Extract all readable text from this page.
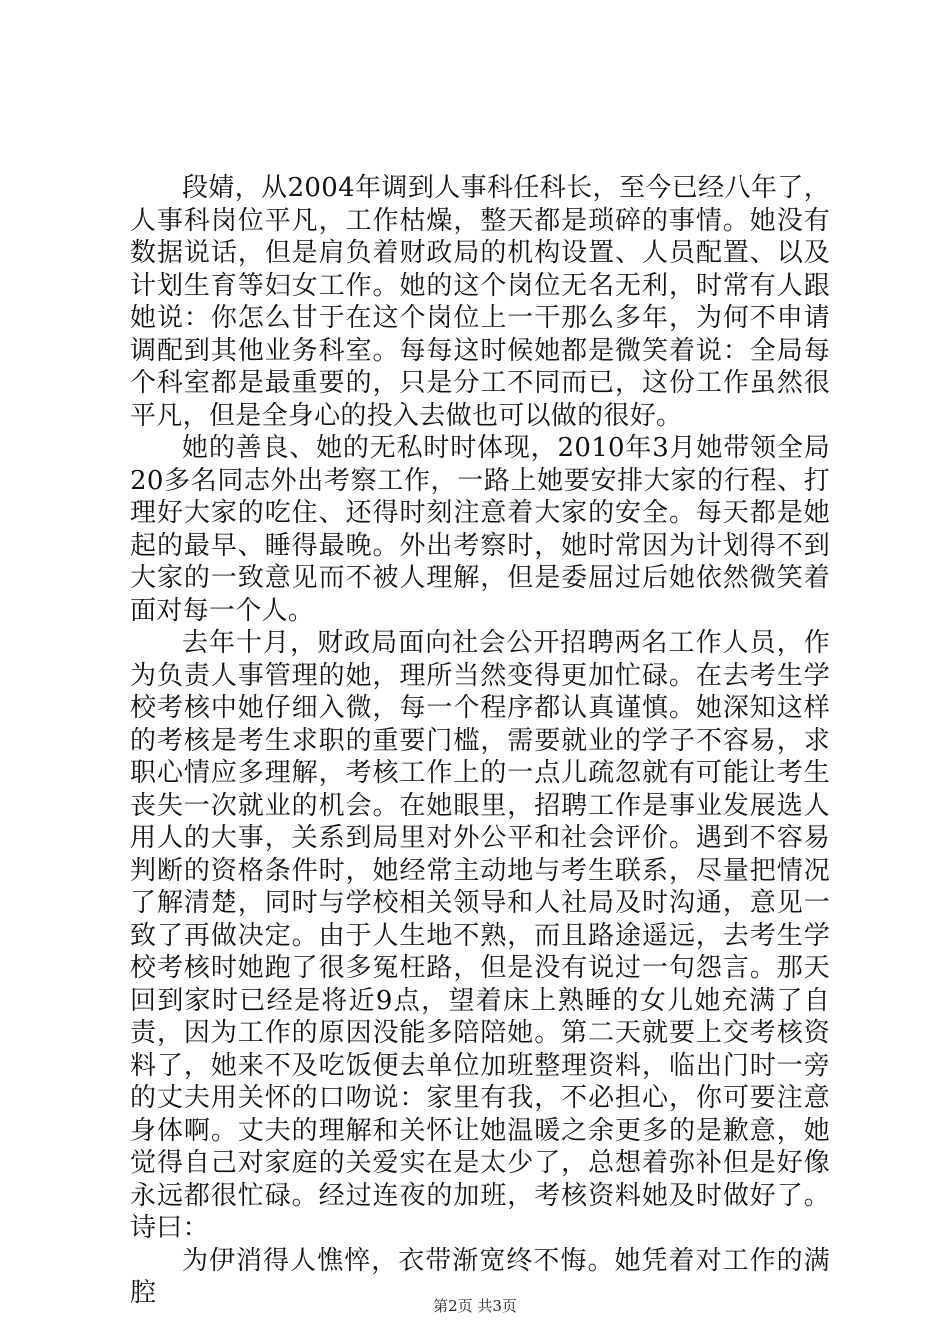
段婧，从2004年调到人事科任科长，至今已经八年了，人事科岗位平凡，工作枯燥，整天都是琐碎的事情。她没有数据说话，但是肩负着财政局的机构设置、人员配置、以及计划生育等妇女工作。她的这个岗位无名无利，时常有人跟她说：你怎么甘于在这个岗位上一干那么多年，为何不申请调配到其他业务科室。每每这时候她都是微笑着说：全局每个科室都是最重要的，只是分工不同而已，这份工作虽然很平凡，但是全身心的投入去做也可以做的很好。

她的善良、她的无私时时体现，2010年3月她带领全局20多名同志外出考察工作，一路上她要安排大家的行程、打理好大家的吃住、还得时刻注意着大家的安全。每天都是她起的最早、睡得最晚。外出考察时，她时常因为计划得不到大家的一致意见而不被人理解，但是委屈过后她依然微笑着面对每一个人。

去年十月，财政局面向社会公开招聘两名工作人员，作为负责人事管理的她，理所当然变得更加忙碌。在去考生学校考核中她仔细入微，每一个程序都认真谨慎。她深知这样的考核是考生求职的重要门槛，需要就业的学子不容易，求职心情应多理解，考核工作上的一点儿疏忽就有可能让考生丧失一次就业的机会。在她眼里，招聘工作是事业发展选人用人的大事，关系到局里对外公平和社会评价。遇到不容易判断的资格条件时，她经常主动地与考生联系，尽量把情况了解清楚，同时与学校相关领导和人社局及时沟通，意见一致了再做决定。由于人生地不熟，而且路途遥远，去考生学校考核时她跑了很多冤枉路，但是没有说过一句怨言。那天回到家时已经是将近9点，望着床上熟睡的女儿她充满了自责，因为工作的原因没能多陪陪她。第二天就要上交考核资料了，她来不及吃饭便去单位加班整理资料，临出门时一旁的丈夫用关怀的口吻说：家里有我，不必担心，你可要注意身体啊。丈夫的理解和关怀让她温暖之余更多的是歉意，她觉得自己对家庭的关爱实在是太少了，总想着弥补但是好像永远都很忙碌。经过连夜的加班，考核资料她及时做好了。诗曰：

为伊消得人憔悴，衣带渐宽终不悔。她凭着对工作的满腔	第2页 共3页
